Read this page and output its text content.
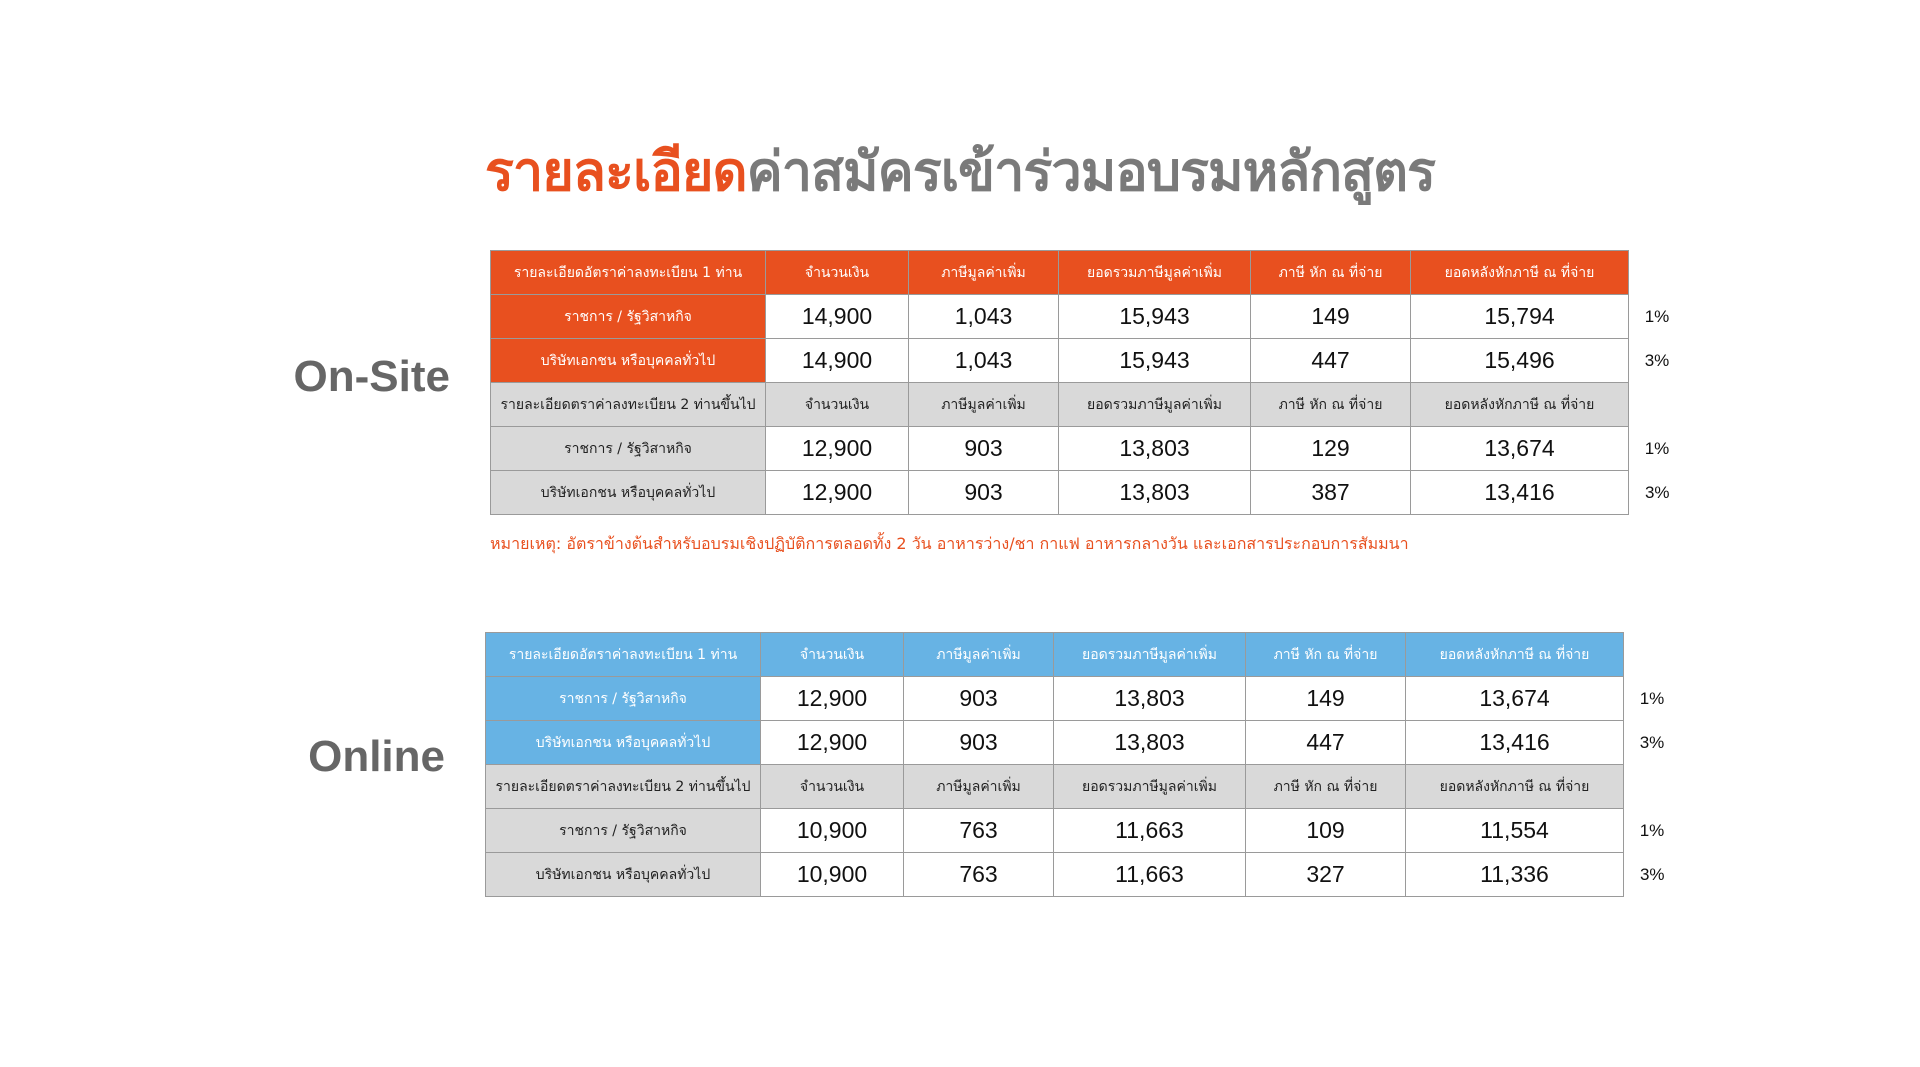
รายละเอียดค่าสมัครเข้าร่วมอบรมหลักสูตร
On-Site
รายละเอียดอัตราค่าลงทะเบียน 1 ท่าน	จำนวนเงิน	ภาษีมูลค่าเพิ่ม	ยอดรวมภาษีมูลค่าเพิ่ม	ภาษี หัก ณ ที่จ่าย	ยอดหลังหักภาษี ณ ที่จ่าย	
ราชการ / รัฐวิสาหกิจ	14,900	1,043	15,943	149	15,794	1%
บริษัทเอกชน หรือบุคคลทั่วไป	14,900	1,043	15,943	447	15,496	3%
รายละเอียดตราค่าลงทะเบียน 2 ท่านขึ้นไป	จำนวนเงิน	ภาษีมูลค่าเพิ่ม	ยอดรวมภาษีมูลค่าเพิ่ม	ภาษี หัก ณ ที่จ่าย	ยอดหลังหักภาษี ณ ที่จ่าย	
ราชการ / รัฐวิสาหกิจ	12,900	903	13,803	129	13,674	1%
บริษัทเอกชน หรือบุคคลทั่วไป	12,900	903	13,803	387	13,416	3%
หมายเหตุ: อัตราข้างต้นสำหรับอบรมเชิงปฏิบัติการตลอดทั้ง 2 วัน อาหารว่าง/ชา กาแฟ อาหารกลางวัน และเอกสารประกอบการสัมมนา
Online
รายละเอียดอัตราค่าลงทะเบียน 1 ท่าน	จำนวนเงิน	ภาษีมูลค่าเพิ่ม	ยอดรวมภาษีมูลค่าเพิ่ม	ภาษี หัก ณ ที่จ่าย	ยอดหลังหักภาษี ณ ที่จ่าย	
ราชการ / รัฐวิสาหกิจ	12,900	903	13,803	149	13,674	1%
บริษัทเอกชน หรือบุคคลทั่วไป	12,900	903	13,803	447	13,416	3%
รายละเอียดตราค่าลงทะเบียน 2 ท่านขึ้นไป	จำนวนเงิน	ภาษีมูลค่าเพิ่ม	ยอดรวมภาษีมูลค่าเพิ่ม	ภาษี หัก ณ ที่จ่าย	ยอดหลังหักภาษี ณ ที่จ่าย	
ราชการ / รัฐวิสาหกิจ	10,900	763	11,663	109	11,554	1%
บริษัทเอกชน หรือบุคคลทั่วไป	10,900	763	11,663	327	11,336	3%
